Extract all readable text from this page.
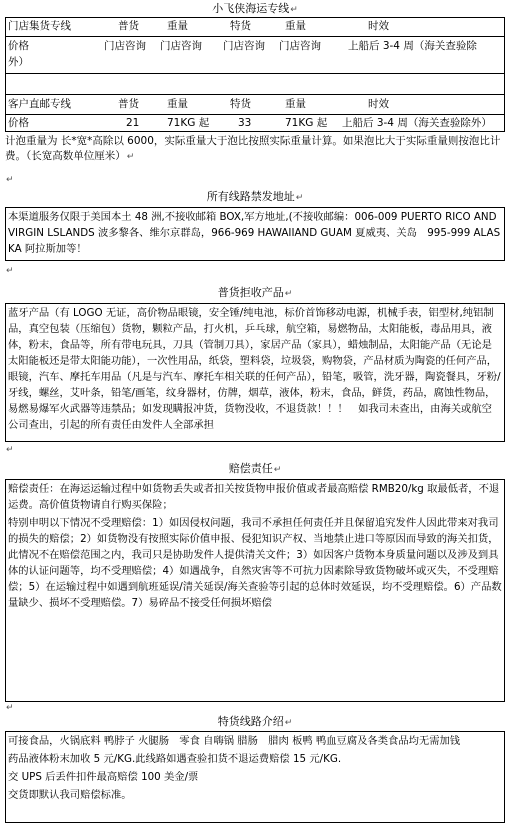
小飞侠海运专线↵
门店集货专线	普货	重量	特货	重量	时效
价格	门店咨询 门店咨询 门店咨询 门店咨询	上船后 3-4 周（海关查验除
外）
客户直邮专线	普货	重量	特货	重量	时效
价格	21	71KG 起	33	71KG 起 上船后 3-4 周（海关查验除外）
计泡重量为 长*宽*高除以 6000，实际重量大于泡比按照实际重量计算。如果泡比大于实际重量则按泡比计费。（长宽高数单位厘米）↵
↵
所有线路禁发地址↵
本渠道服务仅限于美国本土 48 洲,不接收邮箱 BOX,军方地址,(不接收邮编：006-009 PUERTO RICO AND VIRGIN LSLANDS 波多黎各、维尔京群岛，966-969 HAWAIIAND GUAM 夏威夷、关岛　995-999 ALASKA 阿拉斯加等！
↵
普货拒收产品↵
蓝牙产品（有 LOGO 无证，高价物品眼镜，安全锤/纯电池，标价首饰移动电源，机械手表，铝型材,纯铝制品，真空包装（压缩包）货物，颗粒产品，打火机，乒乓球，航空箱，易燃物品，太阳能板，毒品用具，液体，粉末，食品等，所有带电玩具，刀具（管制刀具），家居产品（家具），蜡烛制品，太阳能产品（无论是太阳能板还是带太阳能功能），一次性用品，纸袋，塑料袋，垃圾袋，购物袋，产品材质为陶瓷的任何产品，眼镜，汽车、摩托车用品（凡是与汽车、摩托车相关联的任何产品），铅笔，吸管，洗牙器，陶瓷餐具，牙粉/牙线，螺丝，艾叶条，铅笔/画笔，纹身器材，仿牌，烟草，液体，粉末，食品，鲜货，药品，腐蚀性物品，易燃易爆军火武器等违禁品；如发现瞒报冲货，货物没收，不退货款！！！　如我司未查出，由海关或航空公司查出，引起的所有责任由发件人全部承担
↵
赔偿责任↵
赔偿责任：在海运运输过程中如货物丢失或者扣关按货物申报价值或者最高赔偿 RMB20/kg 取最低者，不退运费。高价值货物请自行购买保险；
特别申明以下情况不受理赔偿：1）如因侵权问题，我司不承担任何责任并且保留追究发件人因此带来对我司的损失的赔偿；2）如货物没有按照实际价值申报、侵犯知识产权、当地禁止进口等原因而导致的海关扣货，此情况不在赔偿范围之内，我司只是协助发件人提供清关文件；3）如因客户货物本身质量问题以及涉及到具体的认证问题等，均不受理赔偿；4）如遇战争，自然灾害等不可抗力因素除导致货物破坏或灭失，不受理赔偿；5）在运输过程中如遇到航班延误/清关延误/海关查验等引起的总体时效延误，均不受理赔偿。6）产品数量缺少、损坏不受理赔偿。7）易碎品不接受任何损坏赔偿
↵
特货线路介绍↵
可接食品，火锅底料 鸭脖子 火腿肠　零食 自嗨锅 腊肠　腊肉 板鸭 鸭血豆腐及各类食品均无需加钱
药品液体粉末加收 5 元/KG.此线路如遇查验扣货不退运费赔偿 15 元/KG.
交 UPS 后丢件扣件最高赔偿 100 美金/票
交货即默认我司赔偿标准。
